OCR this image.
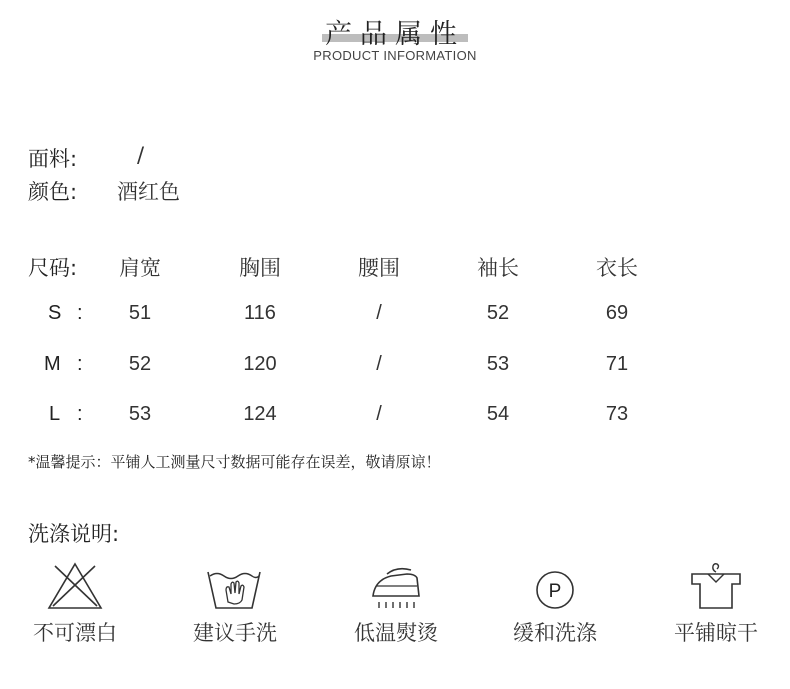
产品属性
PRODUCT INFORMATION
面料:	/
颜色: 酒红色
尺码:	肩宽	胸围	腰围	袖长	衣长
S :	51	116	/	52	69
M :	52	120	/	53	71
L :	53	124	/	54	73
*温馨提示：平铺人工测量尺寸数据可能存在误差，敬请原谅！
洗涤说明:
P
不可漂白	建议手洗	低温熨烫	缓和洗涤	平铺晾干
